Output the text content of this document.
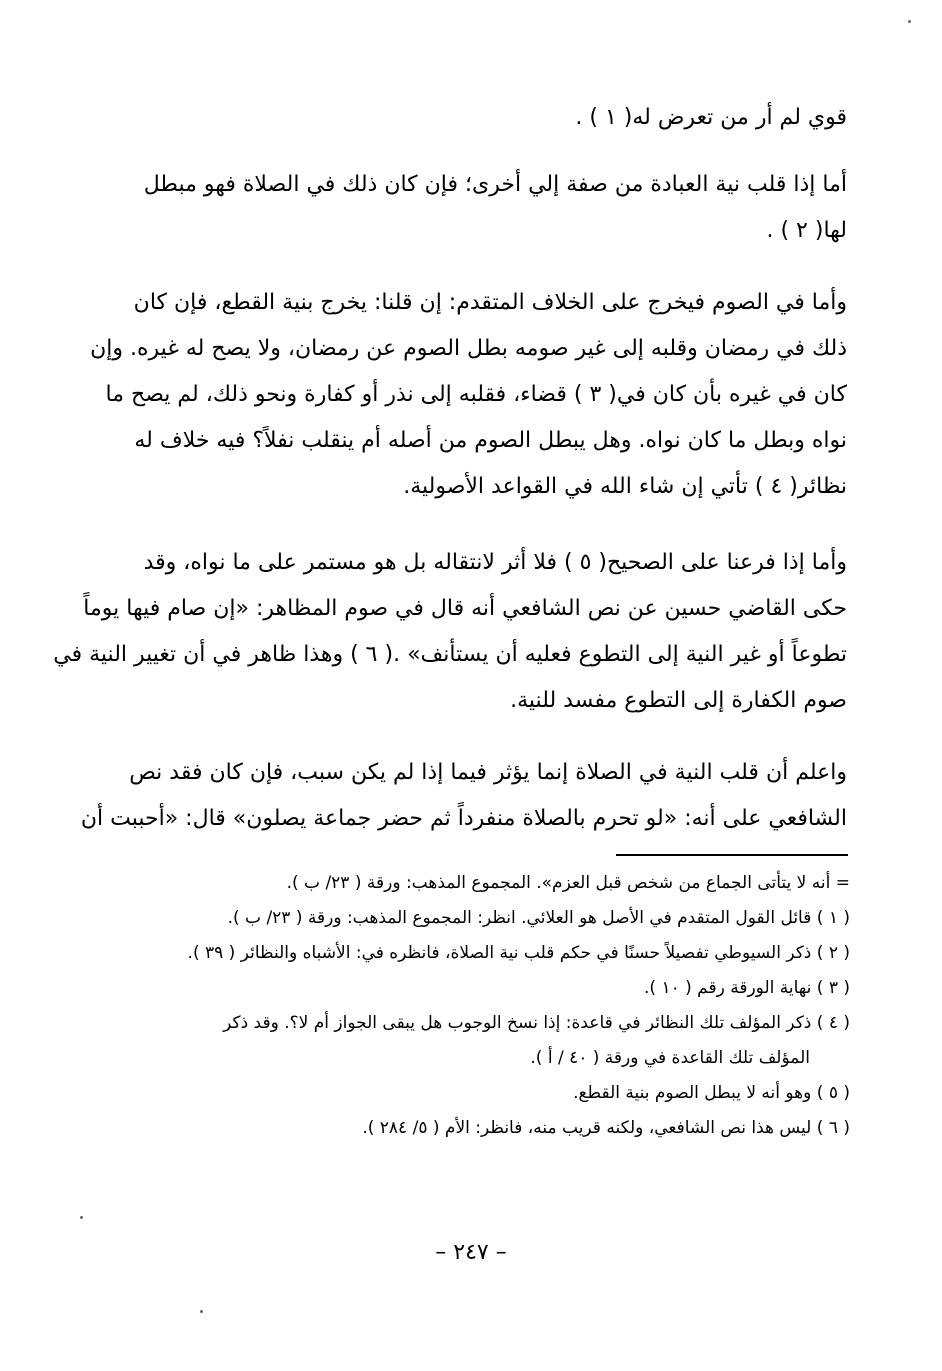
قوي لم أر من تعرض له( ١ ) .
أما إذا قلب نية العبادة من صفة إلي أخرى؛ فإن كان ذلك في الصلاة فهو مبطل
لها( ٢ ) .
وأما في الصوم فيخرج على الخلاف المتقدم: إن قلنا: يخرج بنية القطع، فإن كان
ذلك في رمضان وقلبه إلى غير صومه بطل الصوم عن رمضان، ولا يصح له غيره. وإن
كان في غيره بأن كان في( ٣ ) قضاء، فقلبه إلى نذر أو كفارة ونحو ذلك، لم يصح ما
نواه وبطل ما كان نواه. وهل يبطل الصوم من أصله أم ينقلب نفلاً؟ فيه خلاف له
نظائر( ٤ ) تأتي إن شاء الله في القواعد الأصولية.
وأما إذا فرعنا على الصحيح( ٥ ) فلا أثر لانتقاله بل هو مستمر على ما نواه، وقد
حكى القاضي حسين عن نص الشافعي أنه قال في صوم المظاهر: «إن صام فيها يوماً
تطوعاً أو غير النية إلى التطوع فعليه أن يستأنف» .( ٦ ) وهذا ظاهر في أن تغيير النية في
صوم الكفارة إلى التطوع مفسد للنية.
واعلم أن قلب النية في الصلاة إنما يؤثر فيما إذا لم يكن سبب، فإن كان فقد نص
الشافعي على أنه: «لو تحرم بالصلاة منفرداً ثم حضر جماعة يصلون» قال: «أحببت أن
= أنه لا يتأتى الجماع من شخص قبل العزم». المجموع المذهب: ورقة ( ٢٣/ ب ).
( ١ ) قائل القول المتقدم في الأصل هو العلائي. انظر: المجموع المذهب: ورقة ( ٢٣/ ب ).
( ٢ ) ذكر السيوطي تفصيلاً حسنًا في حكم قلب نية الصلاة، فانظره في: الأشباه والنظائر ( ٣٩ ).
( ٣ ) نهاية الورقة رقم ( ١٠ ).
( ٤ ) ذكر المؤلف تلك النظائر في قاعدة: إذا نسخ الوجوب هل يبقى الجواز أم لا؟. وقد ذكر
المؤلف تلك القاعدة في ورقة ( ٤٠ / أ ).
( ٥ ) وهو أنه لا يبطل الصوم بنية القطع.
( ٦ ) ليس هذا نص الشافعي، ولكنه قريب منه، فانظر: الأم ( ٥/ ٢٨٤ ).
– ٢٤٧ –
